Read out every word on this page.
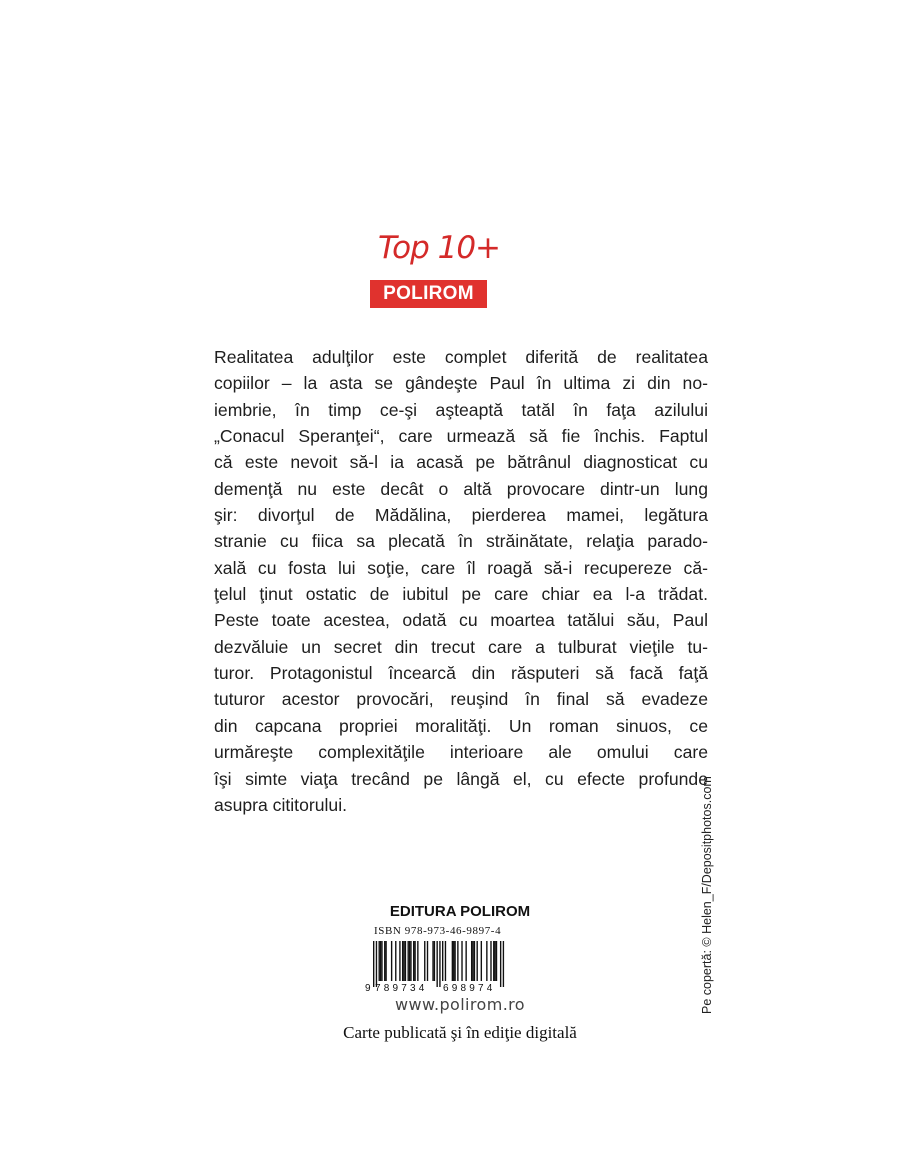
Top 10+
POLIROM
Realitatea adulţilor este complet diferită de realitatea
copiilor – la asta se gândeşte Paul în ultima zi din no-
iembrie, în timp ce-şi aşteaptă tatăl în faţa azilului
„Conacul Speranţei“, care urmează să fie închis. Faptul
că este nevoit să-l ia acasă pe bătrânul diagnosticat cu
demenţă nu este decât o altă provocare dintr-un lung
şir: divorţul de Mădălina, pierderea mamei, legătura
stranie cu fiica sa plecată în străinătate, relaţia parado-
xală cu fosta lui soţie, care îl roagă să-i recupereze că-
ţelul ţinut ostatic de iubitul pe care chiar ea l-a trădat.
Peste toate acestea, odată cu moartea tatălui său, Paul
dezvăluie un secret din trecut care a tulburat vieţile tu-
turor. Protagonistul încearcă din răsputeri să facă faţă
tuturor acestor provocări, reuşind în final să evadeze
din capcana propriei moralităţi. Un roman sinuos, ce
urmăreşte complexităţile interioare ale omului care
îşi simte viaţa trecând pe lângă el, cu efecte profunde
asupra cititorului.
EDITURA POLIROM
ISBN 978-973-46-9897-4
9 789734 698974
www.polirom.ro
Carte publicată şi în ediţie digitală
Pe copertă: © Helen_F/Depositphotos.com
